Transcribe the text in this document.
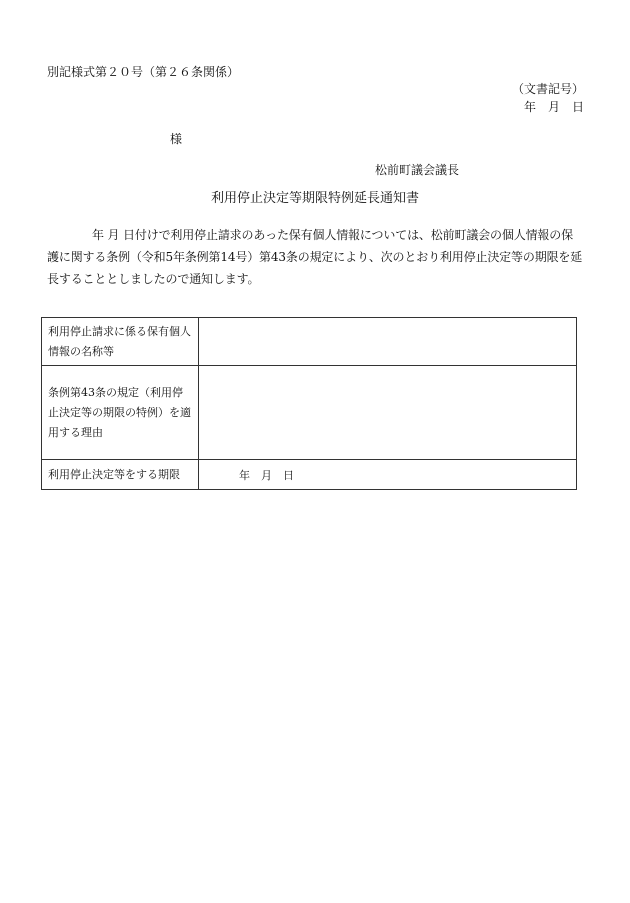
別記様式第２０号（第２６条関係）
（文書記号）
年　月　日
様
松前町議会議長
利用停止決定等期限特例延長通知書
年 月 日付けで利用停止請求のあった保有個人情報については、松前町議会の個人情報の保護に関する条例（令和5年条例第14号）第43条の規定により、次のとおり利用停止決定等の期限を延長することとしましたので通知します。
利用停止請求に係る保有個人情報の名称等	
条例第43条の規定（利用停止決定等の期限の特例）を適用する理由	
利用停止決定等をする期限	年　月　日
